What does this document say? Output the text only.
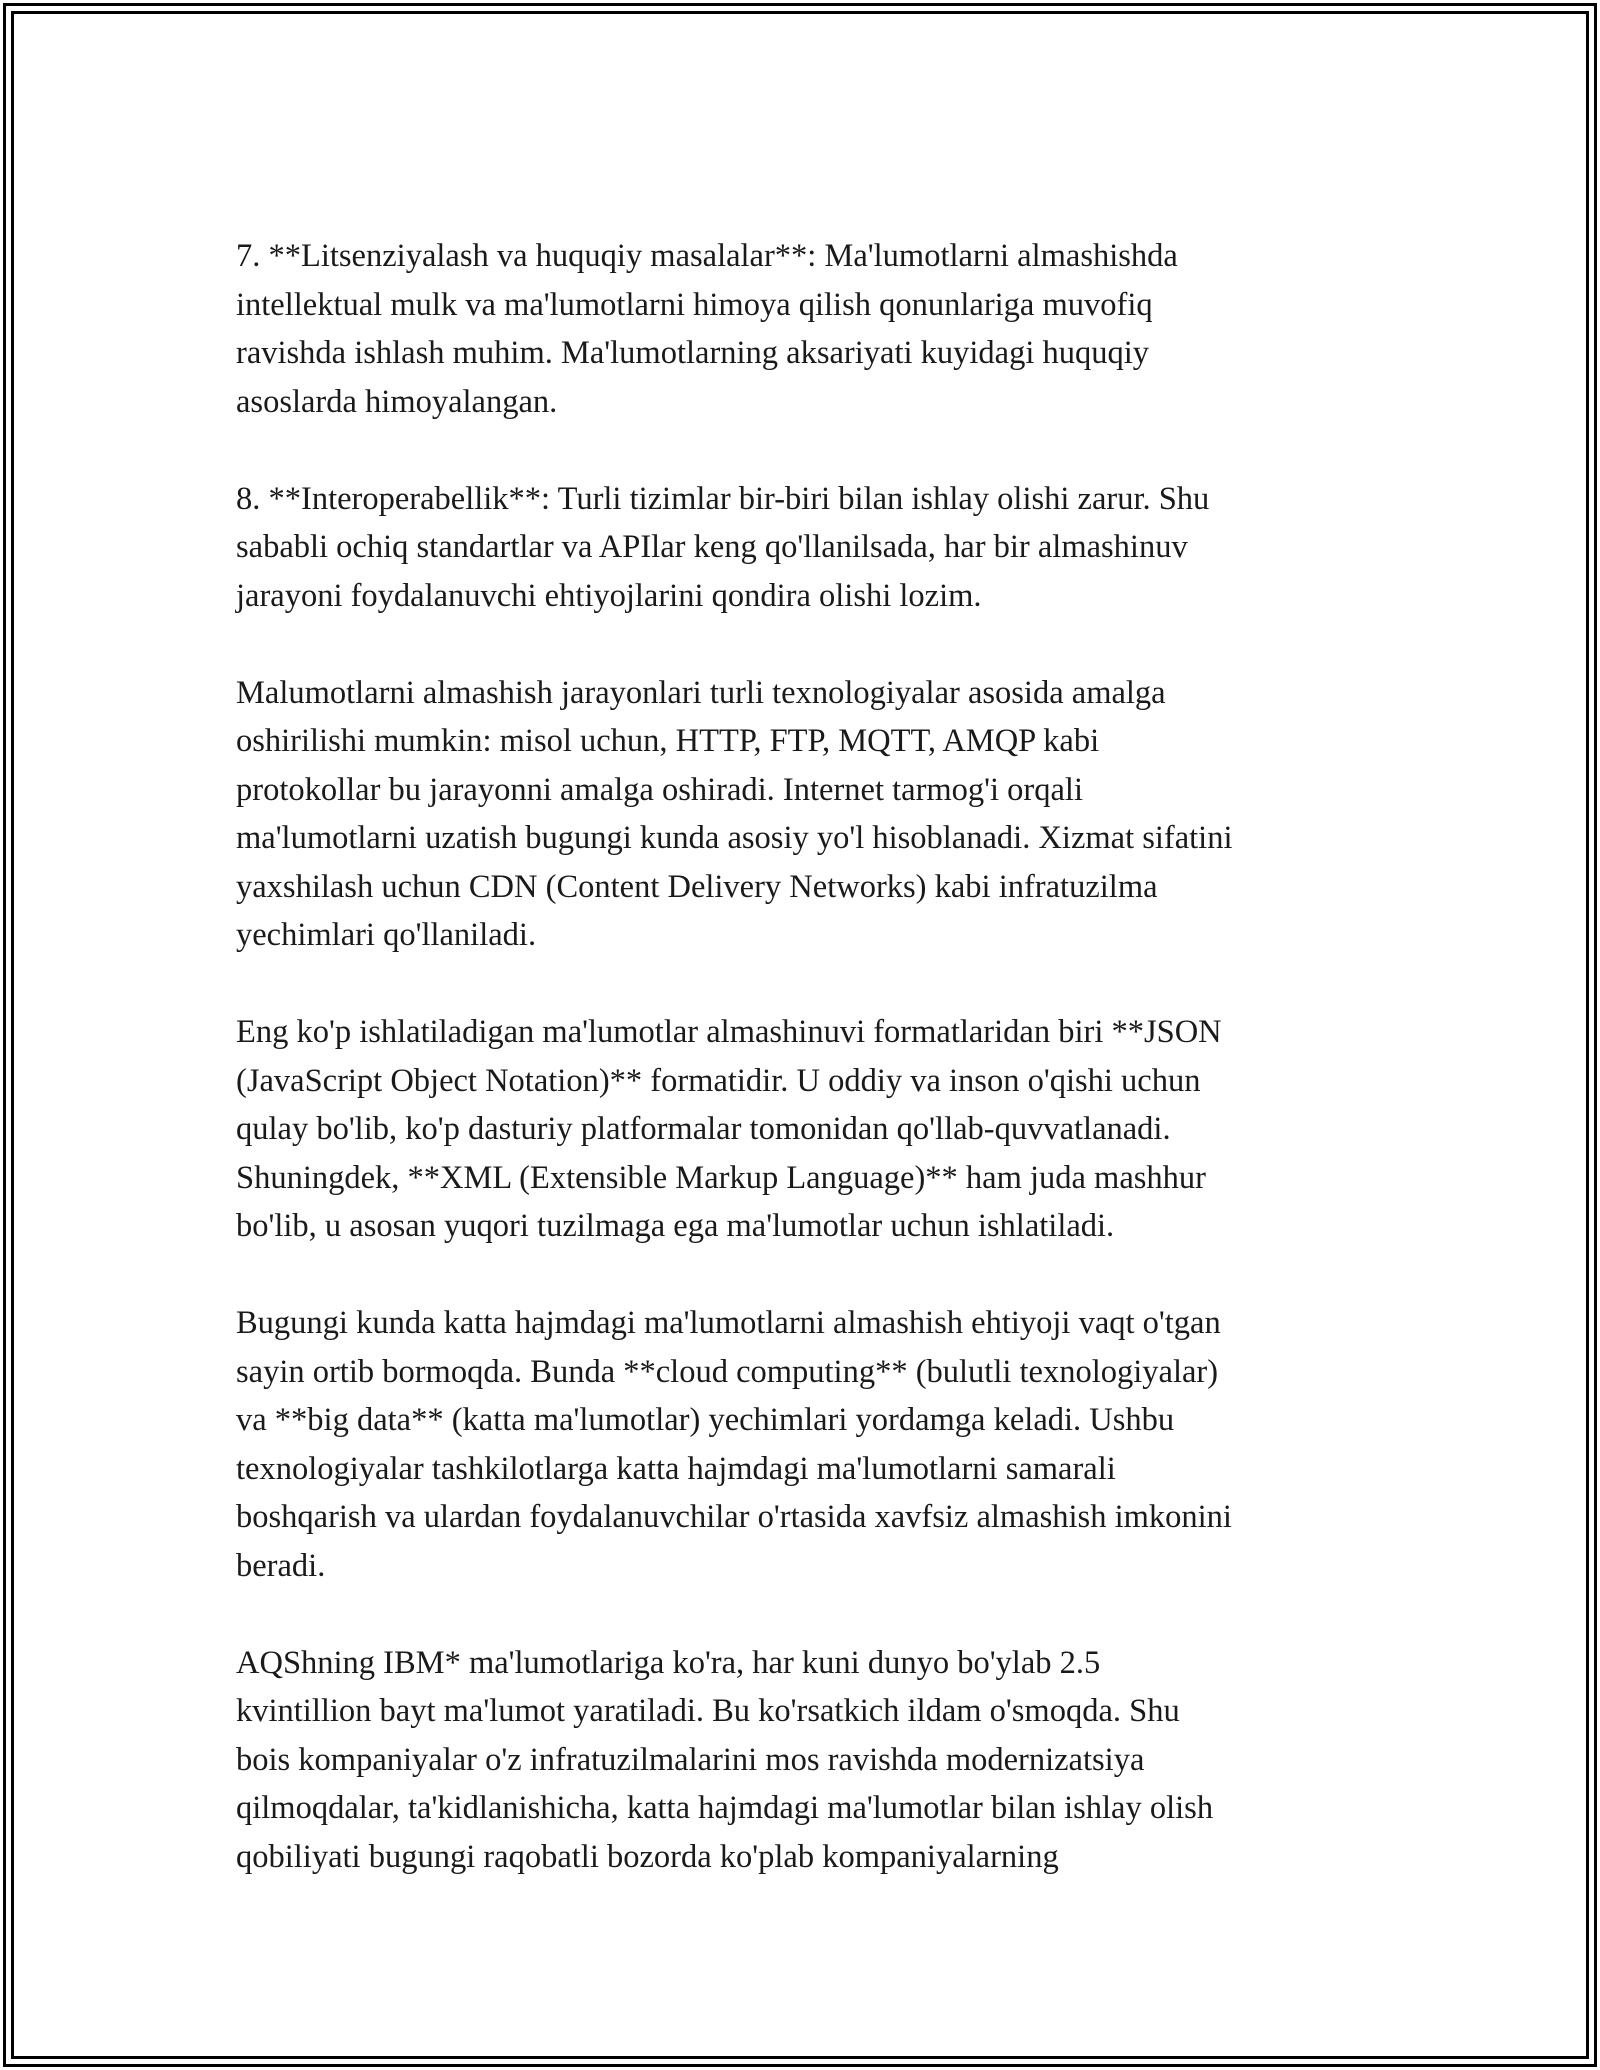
7. **Litsenziyalash va huquqiy masalalar**: Ma'lumotlarni almashishda
intellektual mulk va ma'lumotlarni himoya qilish qonunlariga muvofiq
ravishda ishlash muhim. Ma'lumotlarning aksariyati kuyidagi huquqiy
asoslarda himoyalangan.
8. **Interoperabellik**: Turli tizimlar bir-biri bilan ishlay olishi zarur. Shu
sababli ochiq standartlar va APIlar keng qo'llanilsada, har bir almashinuv
jarayoni foydalanuvchi ehtiyojlarini qondira olishi lozim.
Malumotlarni almashish jarayonlari turli texnologiyalar asosida amalga
oshirilishi mumkin: misol uchun, HTTP, FTP, MQTT, AMQP kabi
protokollar bu jarayonni amalga oshiradi. Internet tarmog'i orqali
ma'lumotlarni uzatish bugungi kunda asosiy yo'l hisoblanadi. Xizmat sifatini
yaxshilash uchun CDN (Content Delivery Networks) kabi infratuzilma
yechimlari qo'llaniladi.
Eng ko'p ishlatiladigan ma'lumotlar almashinuvi formatlaridan biri **JSON
(JavaScript Object Notation)** formatidir. U oddiy va inson o'qishi uchun
qulay bo'lib, ko'p dasturiy platformalar tomonidan qo'llab-quvvatlanadi.
Shuningdek, **XML (Extensible Markup Language)** ham juda mashhur
bo'lib, u asosan yuqori tuzilmaga ega ma'lumotlar uchun ishlatiladi.
Bugungi kunda katta hajmdagi ma'lumotlarni almashish ehtiyoji vaqt o'tgan
sayin ortib bormoqda. Bunda **cloud computing** (bulutli texnologiyalar)
va **big data** (katta ma'lumotlar) yechimlari yordamga keladi. Ushbu
texnologiyalar tashkilotlarga katta hajmdagi ma'lumotlarni samarali
boshqarish va ulardan foydalanuvchilar o'rtasida xavfsiz almashish imkonini
beradi.
AQShning IBM* ma'lumotlariga ko'ra, har kuni dunyo bo'ylab 2.5
kvintillion bayt ma'lumot yaratiladi. Bu ko'rsatkich ildam o'smoqda. Shu
bois kompaniyalar o'z infratuzilmalarini mos ravishda modernizatsiya
qilmoqdalar, ta'kidlanishicha, katta hajmdagi ma'lumotlar bilan ishlay olish
qobiliyati bugungi raqobatli bozorda ko'plab kompaniyalarning
